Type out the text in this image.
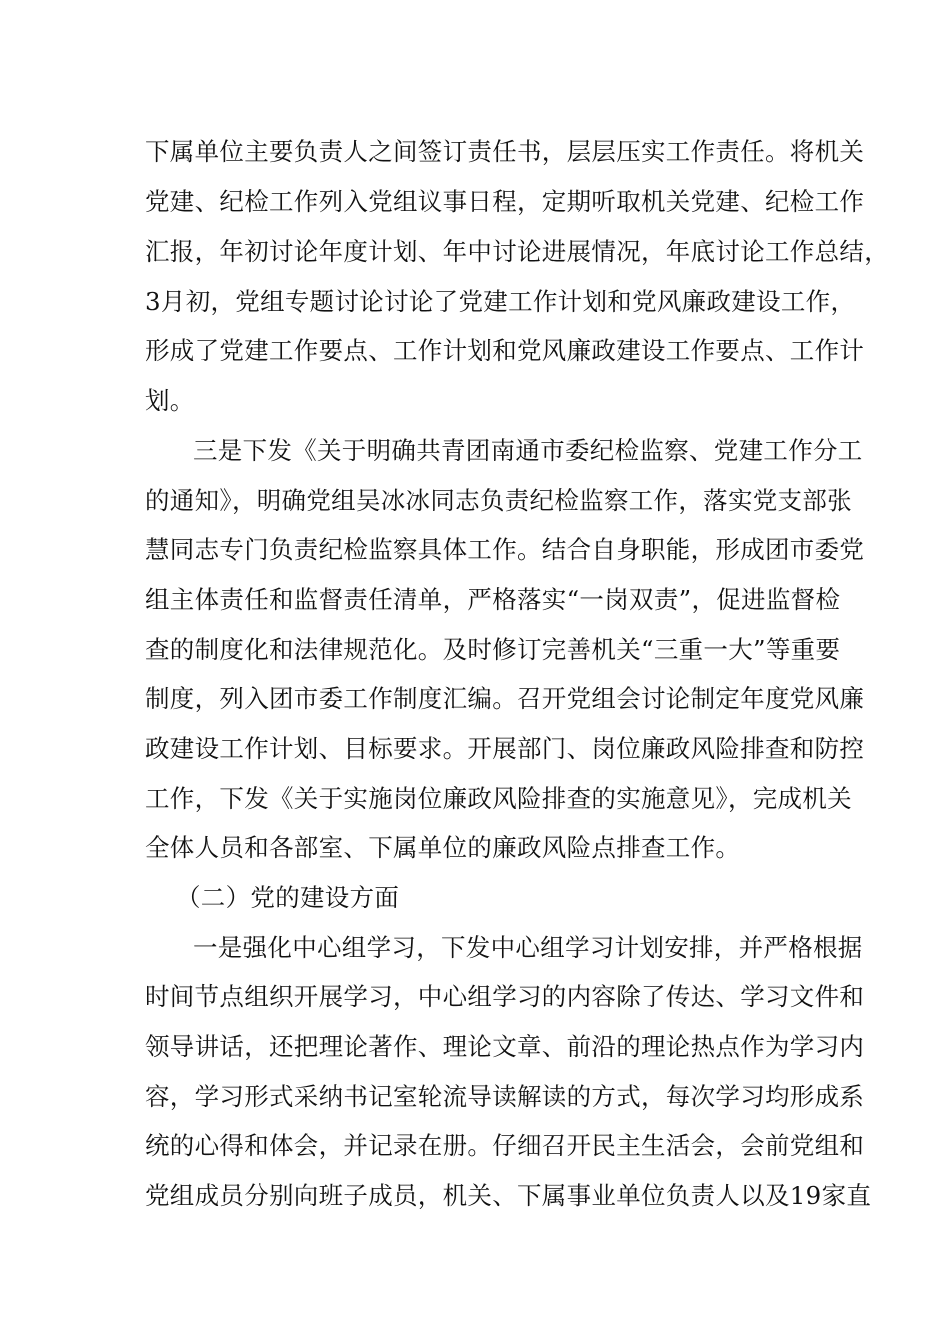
下属单位主要负责人之间签订责任书，层层压实工作责任。将机关
党建、纪检工作列入党组议事日程，定期听取机关党建、纪检工作
汇报，年初讨论年度计划、年中讨论进展情况，年底讨论工作总结，
3月初，党组专题讨论讨论了党建工作计划和党风廉政建设工作，
形成了党建工作要点、工作计划和党风廉政建设工作要点、工作计
划。
三是下发《关于明确共青团南通市委纪检监察、党建工作分工
的通知》，明确党组吴冰冰同志负责纪检监察工作，落实党支部张
慧同志专门负责纪检监察具体工作。结合自身职能，形成团市委党
组主体责任和监督责任清单，严格落实“一岗双责”，促进监督检
查的制度化和法律规范化。及时修订完善机关“三重一大”等重要
制度，列入团市委工作制度汇编。召开党组会讨论制定年度党风廉
政建设工作计划、目标要求。开展部门、岗位廉政风险排查和防控
工作，下发《关于实施岗位廉政风险排查的实施意见》，完成机关
全体人员和各部室、下属单位的廉政风险点排查工作。
（二）党的建设方面
一是强化中心组学习，下发中心组学习计划安排，并严格根据
时间节点组织开展学习，中心组学习的内容除了传达、学习文件和
领导讲话，还把理论著作、理论文章、前沿的理论热点作为学习内
容，学习形式采纳书记室轮流导读解读的方式，每次学习均形成系
统的心得和体会，并记录在册。仔细召开民主生活会，会前党组和
党组成员分别向班子成员，机关、下属事业单位负责人以及19家直
